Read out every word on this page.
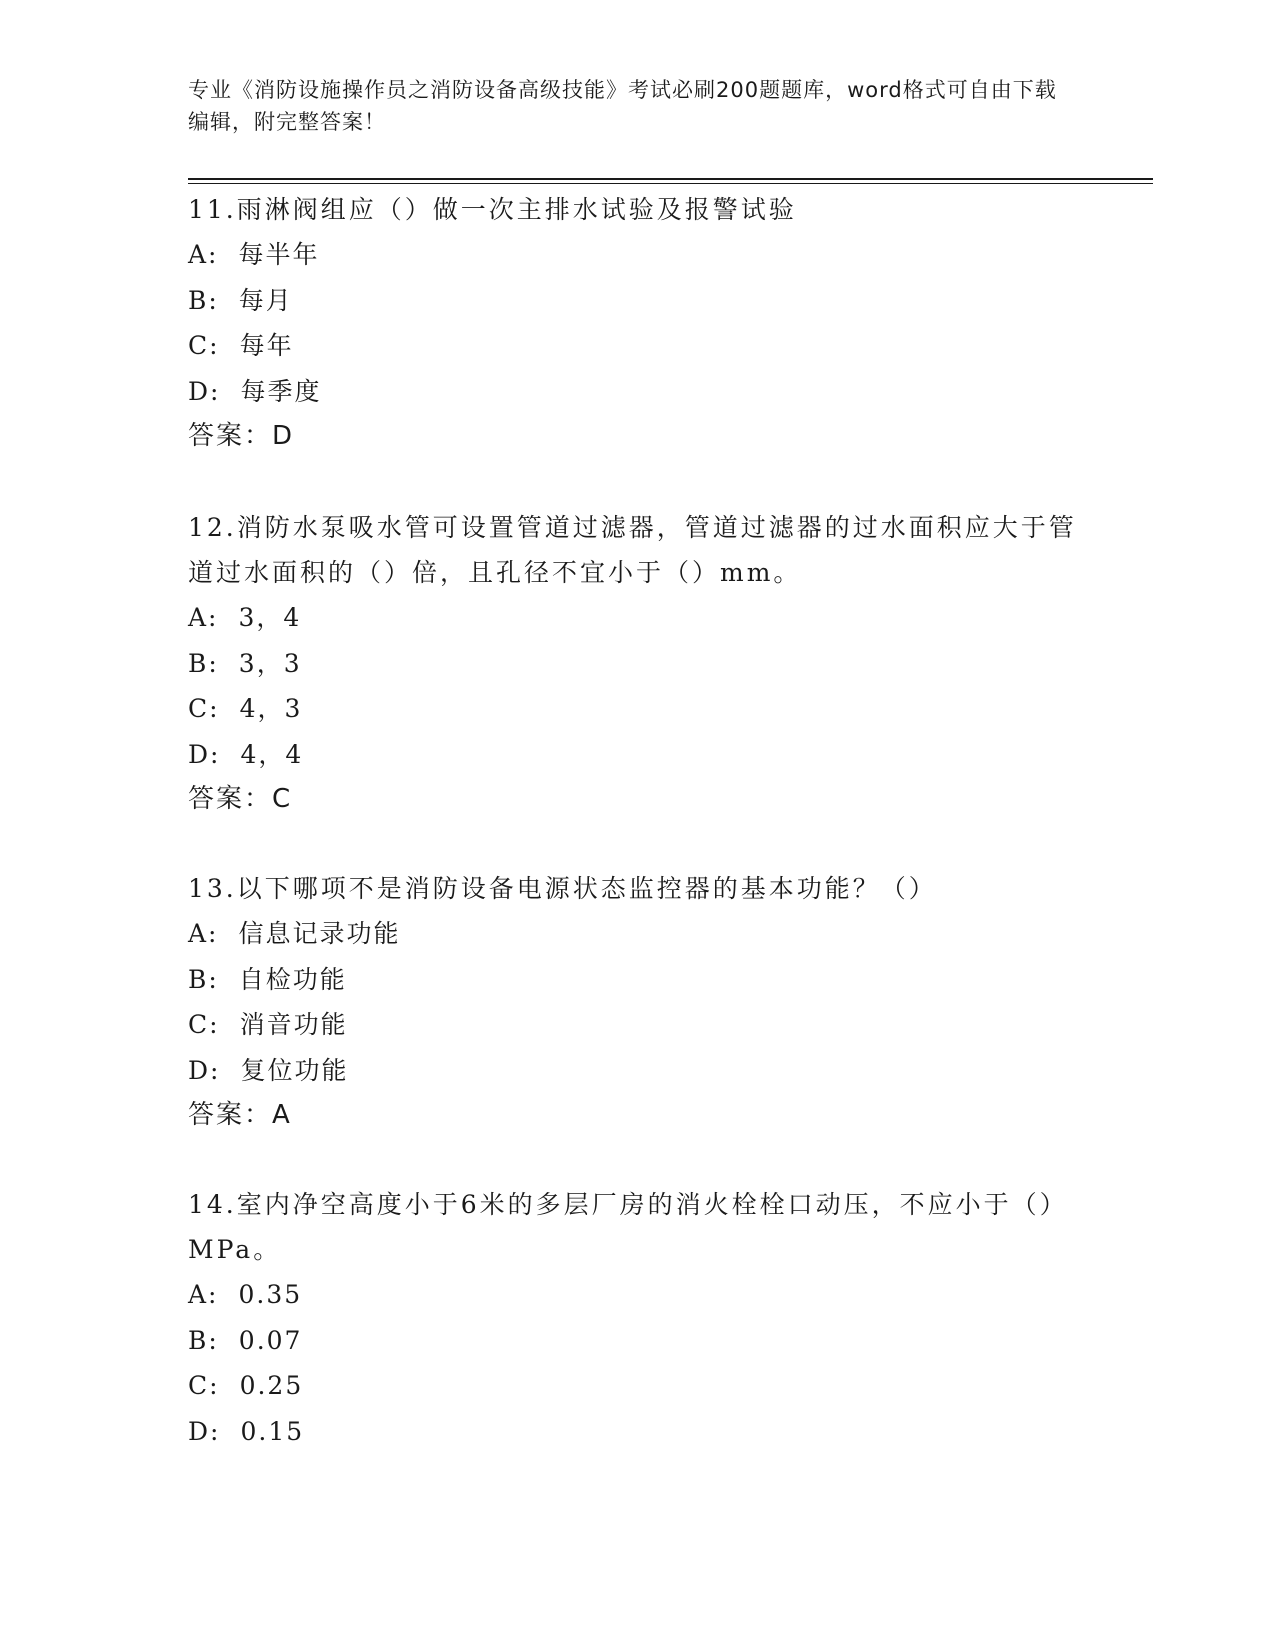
专业《消防设施操作员之消防设备高级技能》考试必刷200题题库，word格式可自由下载编辑，附完整答案！

11.雨淋阀组应（）做一次主排水试验及报警试验

A: 每半年

B: 每月

C: 每年

D: 每季度

答案：D

12.消防水泵吸水管可设置管道过滤器，管道过滤器的过水面积应大于管道过水面积的（）倍，且孔径不宜小于（）mm。

A: 3，4

B: 3，3

C: 4，3

D: 4，4

答案：C

13.以下哪项不是消防设备电源状态监控器的基本功能？（）

A: 信息记录功能

B: 自检功能

C: 消音功能

D: 复位功能

答案：A

14.室内净空高度小于6米的多层厂房的消火栓栓口动压，不应小于（）MPa。

A: 0.35

B: 0.07

C: 0.25

D: 0.15
